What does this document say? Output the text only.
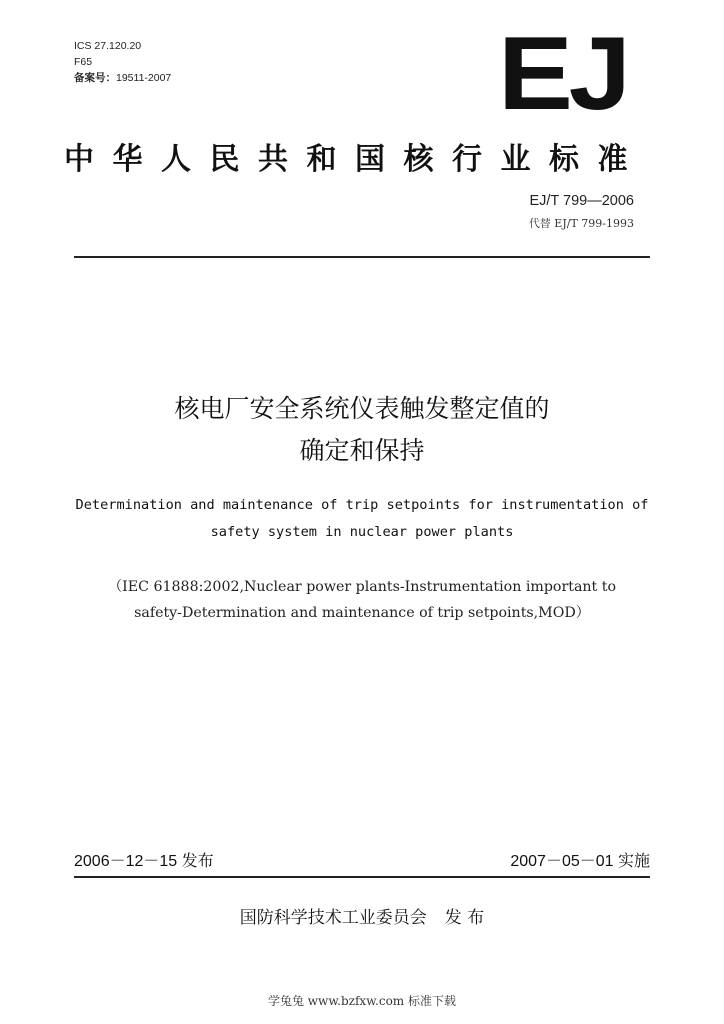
ICS 27.120.20
F65
备案号：19511-2007	EJ
中华人民共和国核行业标准
EJ/T 799—2006
代替 EJ/T 799-1993
核电厂安全系统仪表触发整定值的
确定和保持
Determination and maintenance of trip setpoints for instrumentation of
safety system in nuclear power plants
（IEC 61888:2002,Nuclear power plants-Instrumentation important to
safety-Determination and maintenance of trip setpoints,MOD）
2006－12－15 发布	2007－05－01 实施
国防科学技术工业委员会 发 布
学兔兔 www.bzfxw.com 标准下载
